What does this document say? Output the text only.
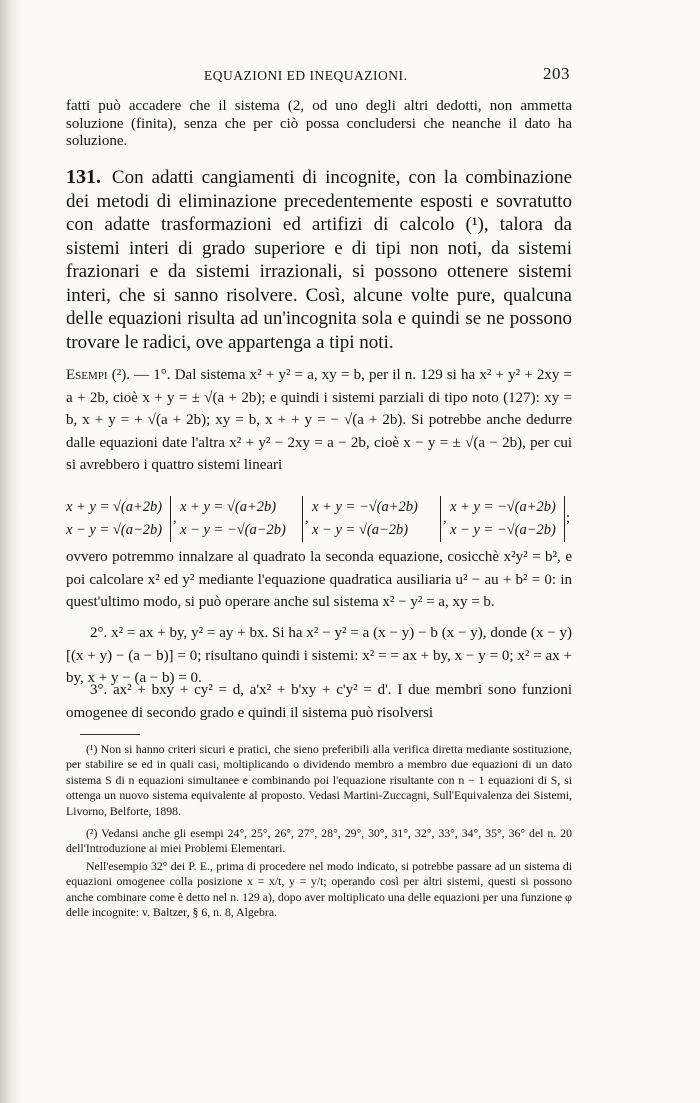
EQUAZIONI ED INEQUAZIONI.	203
fatti può accadere che il sistema (2, od uno degli altri dedotti, non ammetta soluzione (finita), senza che per ciò possa concludersi che neanche il dato ha soluzione.
131. Con adatti cangiamenti di incognite, con la combinazione dei metodi di eliminazione precedentemente esposti e sovratutto con adatte trasformazioni ed artifizi di calcolo (¹), talora da sistemi interi di grado superiore e di tipi non noti, da sistemi frazionari e da sistemi irrazionali, si possono ottenere sistemi interi, che si sanno risolvere. Così, alcune volte pure, qualcuna delle equazioni risulta ad un'incognita sola e quindi se ne possono trovare le radici, ove appartenga a tipi noti.
Esempi (²). — 1°. Dal sistema x² + y² = a, xy = b, per il n. 129 si ha x² + y² + 2xy = a + 2b, cioè x + y = ± √(a + 2b); e quindi i sistemi parziali di tipo noto (127): xy = b, x + y = + √(a + 2b); xy = b, x + + y = − √(a + 2b). Si potrebbe anche dedurre dalle equazioni date l'altra x² + y² − 2xy = a − 2b, cioè x − y = ± √(a − 2b), per cui si avrebbero i quattro sistemi lineari
x + y = √(a+2b)
x − y = √(a−2b)
,
x + y = √(a+2b)
x − y = −√(a−2b)
,
x + y = −√(a+2b)
x − y = √(a−2b)
,
x + y = −√(a+2b)
x − y = −√(a−2b)
;
ovvero potremmo innalzare al quadrato la seconda equazione, cosicchè x²y² = b², e poi calcolare x² ed y² mediante l'equazione quadratica ausiliaria u² − au + b² = 0: in quest'ultimo modo, si può operare anche sul sistema x² − y² = a, xy = b.
2°. x² = ax + by, y² = ay + bx. Si ha x² − y² = a (x − y) − b (x − y), donde (x − y) [(x + y) − (a − b)] = 0; risultano quindi i sistemi: x² = = ax + by, x − y = 0; x² = ax + by, x + y − (a − b) = 0.
3°. ax² + bxy + cy² = d, a'x² + b'xy + c'y² = d'. I due membri sono funzioni omogenee di secondo grado e quindi il sistema può risolversi
(¹) Non si hanno criteri sicuri e pratici, che sieno preferibili alla verifica diretta mediante sostituzione, per stabilire se ed in quali casi, moltiplicando o dividendo membro a membro due equazioni di un dato sistema S di n equazioni simultanee e combinando poi l'equazione risultante con n − 1 equazioni di S, si ottenga un nuovo sistema equivalente al proposto. Vedasi Martini-Zuccagni, Sull'Equivalenza dei Sistemi, Livorno, Belforte, 1898.
(²) Vedansi anche gli esempi 24°, 25°, 26°, 27°, 28°, 29°, 30°, 31°, 32°, 33°, 34°, 35°, 36° del n. 20 dell'Introduzione ai miei Problemi Elementari.
Nell'esempio 32° dei P. E., prima di procedere nel modo indicato, si potrebbe passare ad un sistema di equazioni omogenee colla posizione x = x/t, y = y/t; operando così per altri sistemi, questi si possono anche combinare come è detto nel n. 129 a), dopo aver moltiplicato una delle equazioni per una funzione φ delle incognite: v. Baltzer, § 6, n. 8, Algebra.
